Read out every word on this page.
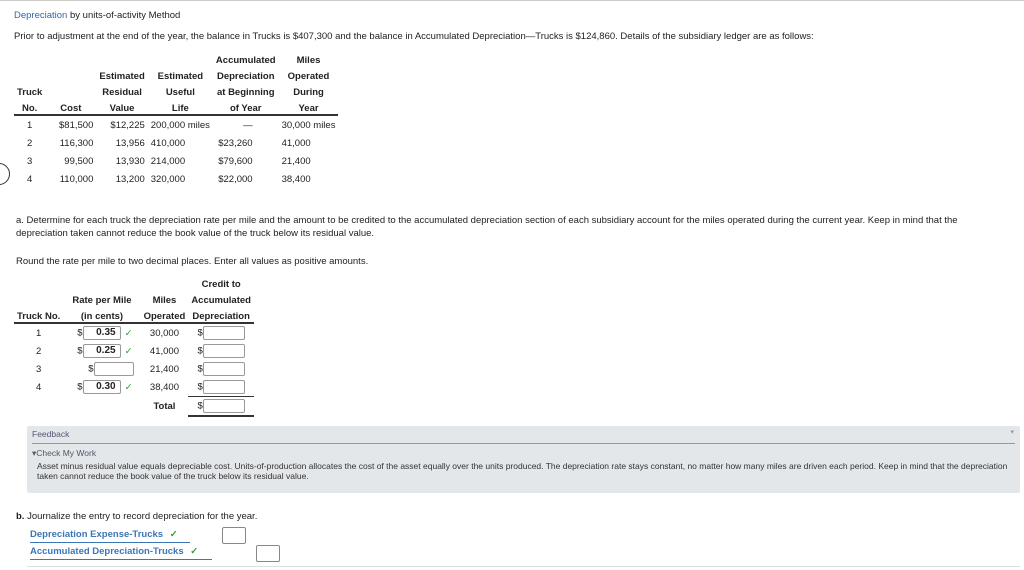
Depreciation by units-of-activity Method
Prior to adjustment at the end of the year, the balance in Trucks is $407,300 and the balance in Accumulated Depreciation—Trucks is $124,860. Details of the subsidiary ledger are as follows:
				Accumulated	Miles
		Estimated	Estimated	Depreciation	Operated
Truck		Residual	Useful	at Beginning	During
No.	Cost	Value	Life	of Year	Year
1	$81,500	$12,225	200,000 miles	—	30,000 miles
2	116,300	13,956	410,000	$23,260	41,000
3	99,500	13,930	214,000	$79,600	21,400
4	110,000	13,200	320,000	$22,000	38,400
a. Determine for each truck the depreciation rate per mile and the amount to be credited to the accumulated depreciation section of each subsidiary account for the miles operated during the current year. Keep in mind that the depreciation taken cannot reduce the book value of the truck below its residual value.
Round the rate per mile to two decimal places. Enter all values as positive amounts.
			Credit to
	Rate per Mile	Miles	Accumulated
Truck No.	(in cents)	Operated	Depreciation
1	$ 0.35 ✓	30,000	$
2	$ 0.25 ✓	41,000	$
3	$	21,400	$
4	$ 0.30 ✓	38,400	$
		Total	$
Feedback	▾
▾Check My Work
Asset minus residual value equals depreciable cost. Units-of-production allocates the cost of the asset equally over the units produced. The depreciation rate stays constant, no matter how many miles are driven each period. Keep in mind that the depreciation taken cannot reduce the book value of the truck below its residual value.
b. Journalize the entry to record depreciation for the year.
Depreciation Expense-Trucks ✓
Accumulated Depreciation-Trucks ✓
